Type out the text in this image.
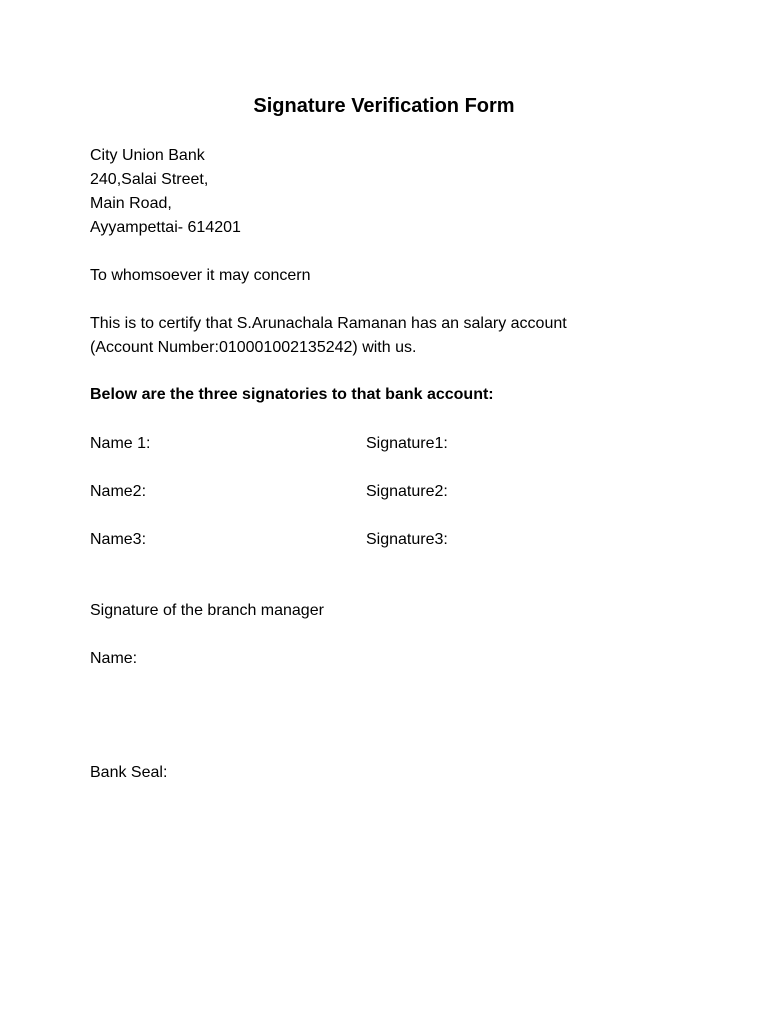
Signature Verification Form
City Union Bank
240,Salai Street,
Main Road,
Ayyampettai- 614201
To whomsoever it may concern
This is to certify that S.Arunachala Ramanan has an salary account
(Account Number:010001002135242) with us.
Below are the three signatories to that bank account:
Name 1:	Signature1:
Name2:	Signature2:
Name3:	Signature3:
Signature of the branch manager
Name:
Bank Seal:
